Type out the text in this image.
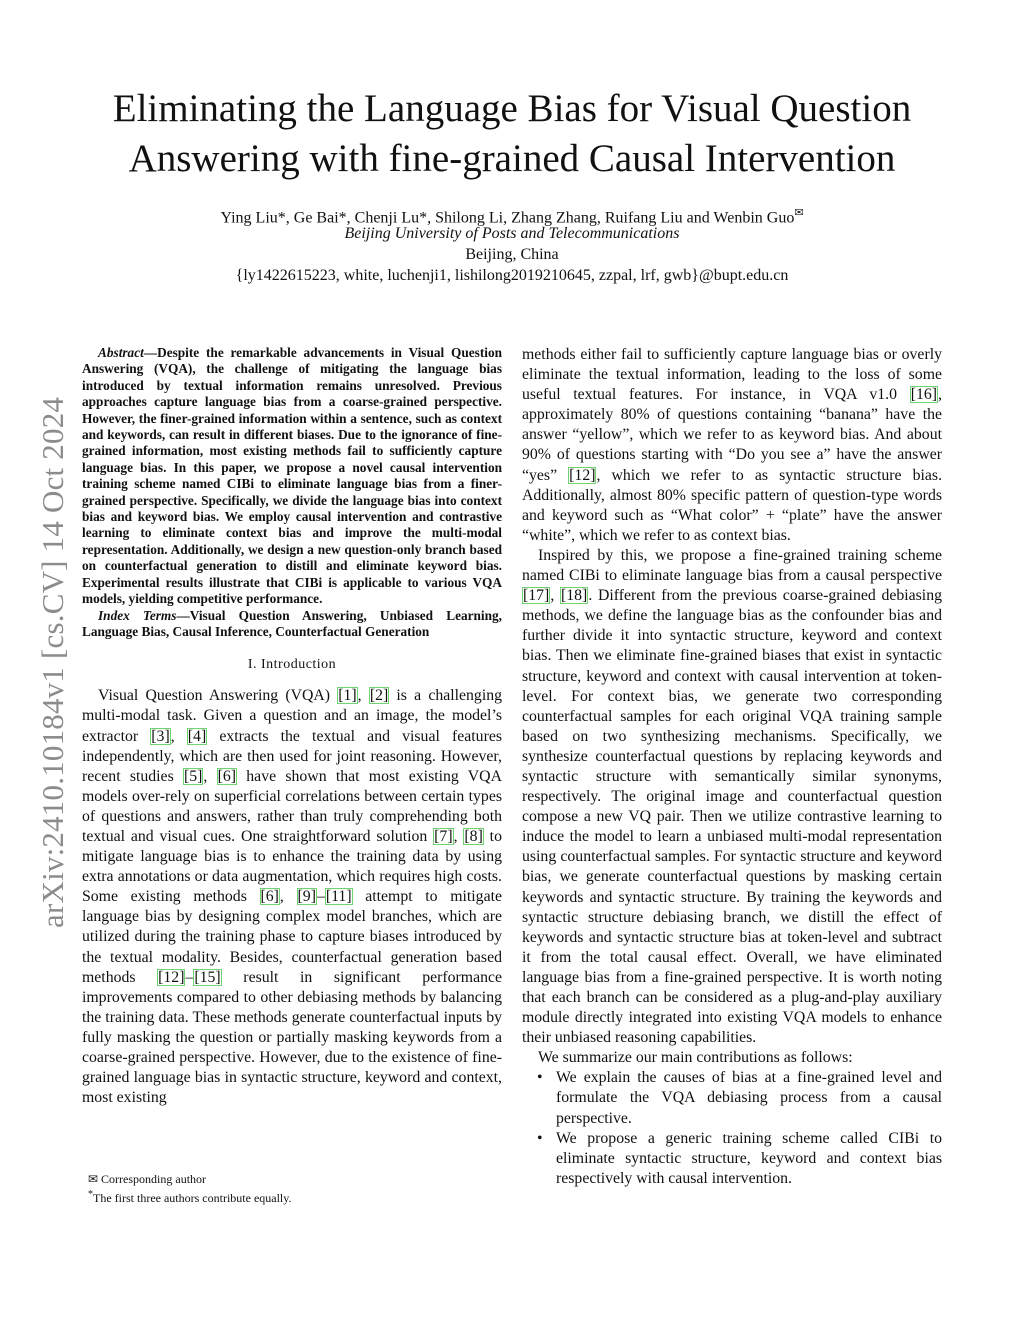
arXiv:2410.10184v1 [cs.CV] 14 Oct 2024
Eliminating the Language Bias for Visual Question
Answering with fine-grained Causal Intervention
Ying Liu*, Ge Bai*, Chenji Lu*, Shilong Li, Zhang Zhang, Ruifang Liu and Wenbin Guo✉
Beijing University of Posts and Telecommunications
Beijing, China
{ly1422615223, white, luchenji1, lishilong2019210645, zzpal, lrf, gwb}@bupt.edu.cn

Abstract—Despite the remarkable advancements in Visual Question Answering (VQA), the challenge of mitigating the language bias introduced by textual information remains unresolved. Previous approaches capture language bias from a coarse-grained perspective. However, the finer-grained information within a sentence, such as context and keywords, can result in different biases. Due to the ignorance of fine-grained information, most existing methods fail to sufficiently capture language bias. In this paper, we propose a novel causal intervention training scheme named CIBi to eliminate language bias from a finer-grained perspective. Specifically, we divide the language bias into context bias and keyword bias. We employ causal intervention and contrastive learning to eliminate context bias and improve the multi-modal representation. Additionally, we design a new question-only branch based on counterfactual generation to distill and eliminate keyword bias. Experimental results illustrate that CIBi is applicable to various VQA models, yielding competitive performance.

Index Terms—Visual Question Answering, Unbiased Learning, Language Bias, Causal Inference, Counterfactual Generation

I. Introduction

Visual Question Answering (VQA) [1], [2] is a challenging multi-modal task. Given a question and an image, the model’s extractor [3], [4] extracts the textual and visual features independently, which are then used for joint reasoning. However, recent studies [5], [6] have shown that most existing VQA models over-rely on superficial correlations between certain types of questions and answers, rather than truly comprehending both textual and visual cues. One straightforward solution [7], [8] to mitigate language bias is to enhance the training data by using extra annotations or data augmentation, which requires high costs. Some existing methods [6], [9]–[11] attempt to mitigate language bias by designing complex model branches, which are utilized during the training phase to capture biases introduced by the textual modality. Besides, counterfactual generation based methods [12]–[15] result in significant performance improvements compared to other debiasing methods by balancing the training data. These methods generate counterfactual inputs by fully masking the question or partially masking keywords from a coarse-grained perspective. However, due to the existence of fine-grained language bias in syntactic structure, keyword and context, most existing

methods either fail to sufficiently capture language bias or overly eliminate the textual information, leading to the loss of some useful textual features. For instance, in VQA v1.0 [16], approximately 80% of questions containing “banana” have the answer “yellow”, which we refer to as keyword bias. And about 90% of questions starting with “Do you see a” have the answer “yes” [12], which we refer to as syntactic structure bias. Additionally, almost 80% specific pattern of question-type words and keyword such as “What color” + “plate” have the answer “white”, which we refer to as context bias.

Inspired by this, we propose a fine-grained training scheme named CIBi to eliminate language bias from a causal perspective [17], [18]. Different from the previous coarse-grained debiasing methods, we define the language bias as the confounder bias and further divide it into syntactic structure, keyword and context bias. Then we eliminate fine-grained biases that exist in syntactic structure, keyword and context with causal intervention at token-level. For context bias, we generate two corresponding counterfactual samples for each original VQA training sample based on two synthesizing mechanisms. Specifically, we synthesize counterfactual questions by replacing keywords and syntactic structure with semantically similar synonyms, respectively. The original image and counterfactual question compose a new VQ pair. Then we utilize contrastive learning to induce the model to learn a unbiased multi-modal representation using counterfactual samples. For syntactic structure and keyword bias, we generate counterfactual questions by masking certain keywords and syntactic structure. By training the keywords and syntactic structure debiasing branch, we distill the effect of keywords and syntactic structure bias at token-level and subtract it from the total causal effect. Overall, we have eliminated language bias from a fine-grained perspective. It is worth noting that each branch can be considered as a plug-and-play auxiliary module directly integrated into existing VQA models to enhance their unbiased reasoning capabilities.

We summarize our main contributions as follows:

• We explain the causes of bias at a fine-grained level and formulate the VQA debiasing process from a causal perspective.
• We propose a generic training scheme called CIBi to eliminate syntactic structure, keyword and context bias respectively with causal intervention.
✉ Corresponding author
*The first three authors contribute equally.
